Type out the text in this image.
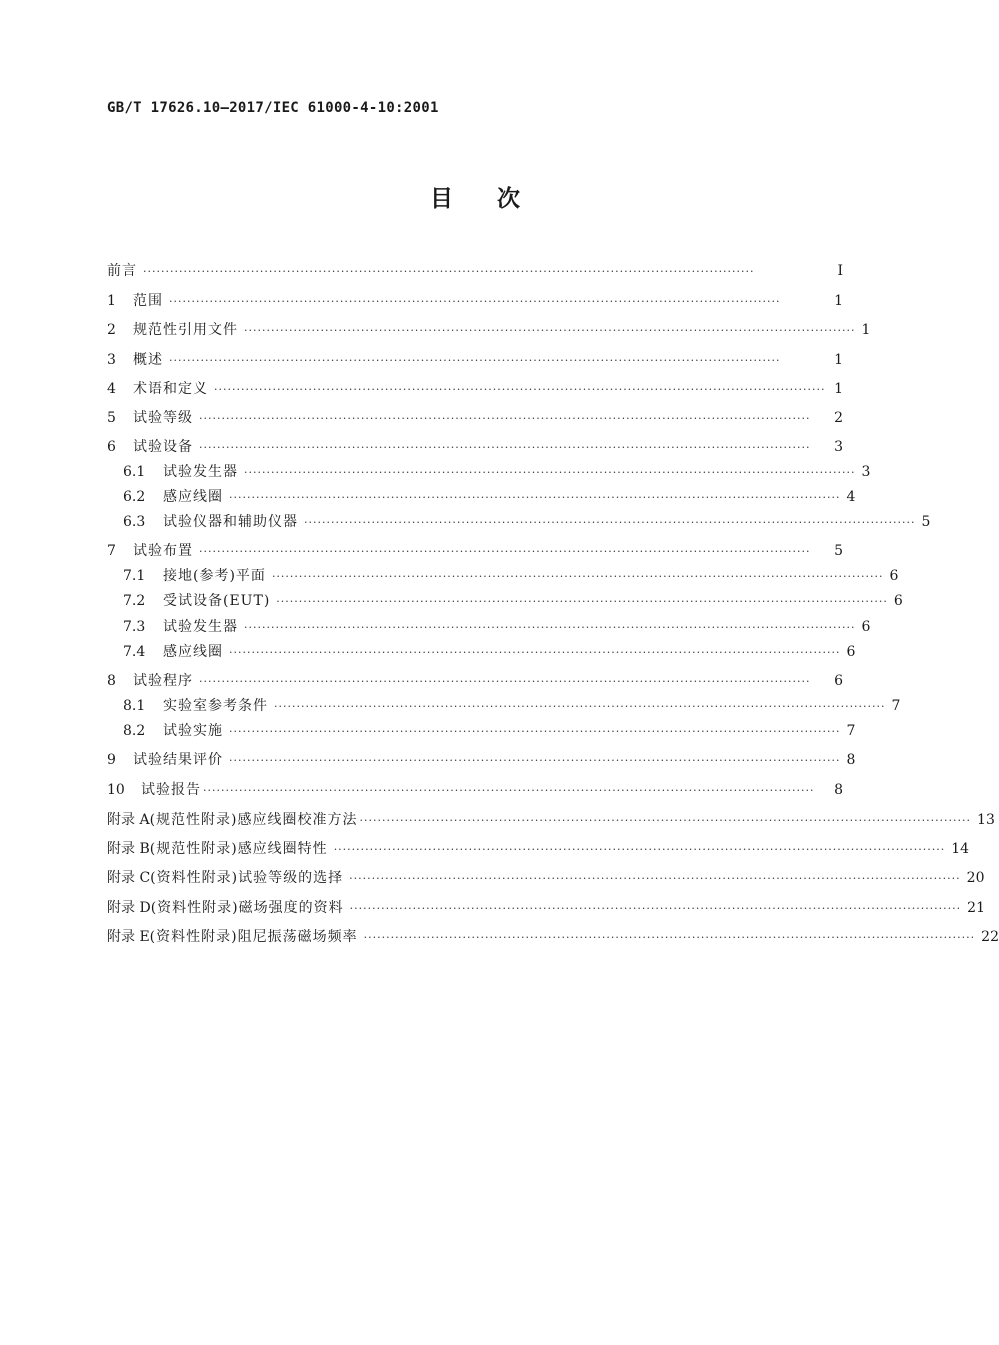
GB/T 17626.10—2017/IEC 61000-4-10:2001
目次
前言 ········································································································································	Ⅰ
1	范围 ········································································································································	1
2	规范性引用文件 ········································································································································ 1
3	概述 ········································································································································	1
4	术语和定义 ········································································································································ 1
5	试验等级 ········································································································································	2
6	试验设备 ········································································································································	3
6.1	试验发生器 ········································································································································ 3
6.2	感应线圈 ········································································································································ 4
6.3	试验仪器和辅助仪器 ········································································································································ 5
7	试验布置 ········································································································································	5
7.1	接地(参考)平面 ········································································································································ 6
7.2	受试设备(EUT) ········································································································································ 6
7.3	试验发生器 ········································································································································ 6
7.4	感应线圈 ········································································································································ 6
8	试验程序 ········································································································································	6
8.1	实验室参考条件 ········································································································································ 7
8.2	试验实施 ········································································································································ 7
9	试验结果评价 ········································································································································ 8
10	试验报告 ········································································································································	8
附录 A (规范性附录) 感应线圈校准方法 ········································································································································ 13
附录 B (规范性附录) 感应线圈特性 ········································································································································ 14
附录 C (资料性附录) 试验等级的选择 ········································································································································ 20
附录 D (资料性附录) 磁场强度的资料 ········································································································································ 21
附录 E (资料性附录) 阻尼振荡磁场频率 ········································································································································ 22
